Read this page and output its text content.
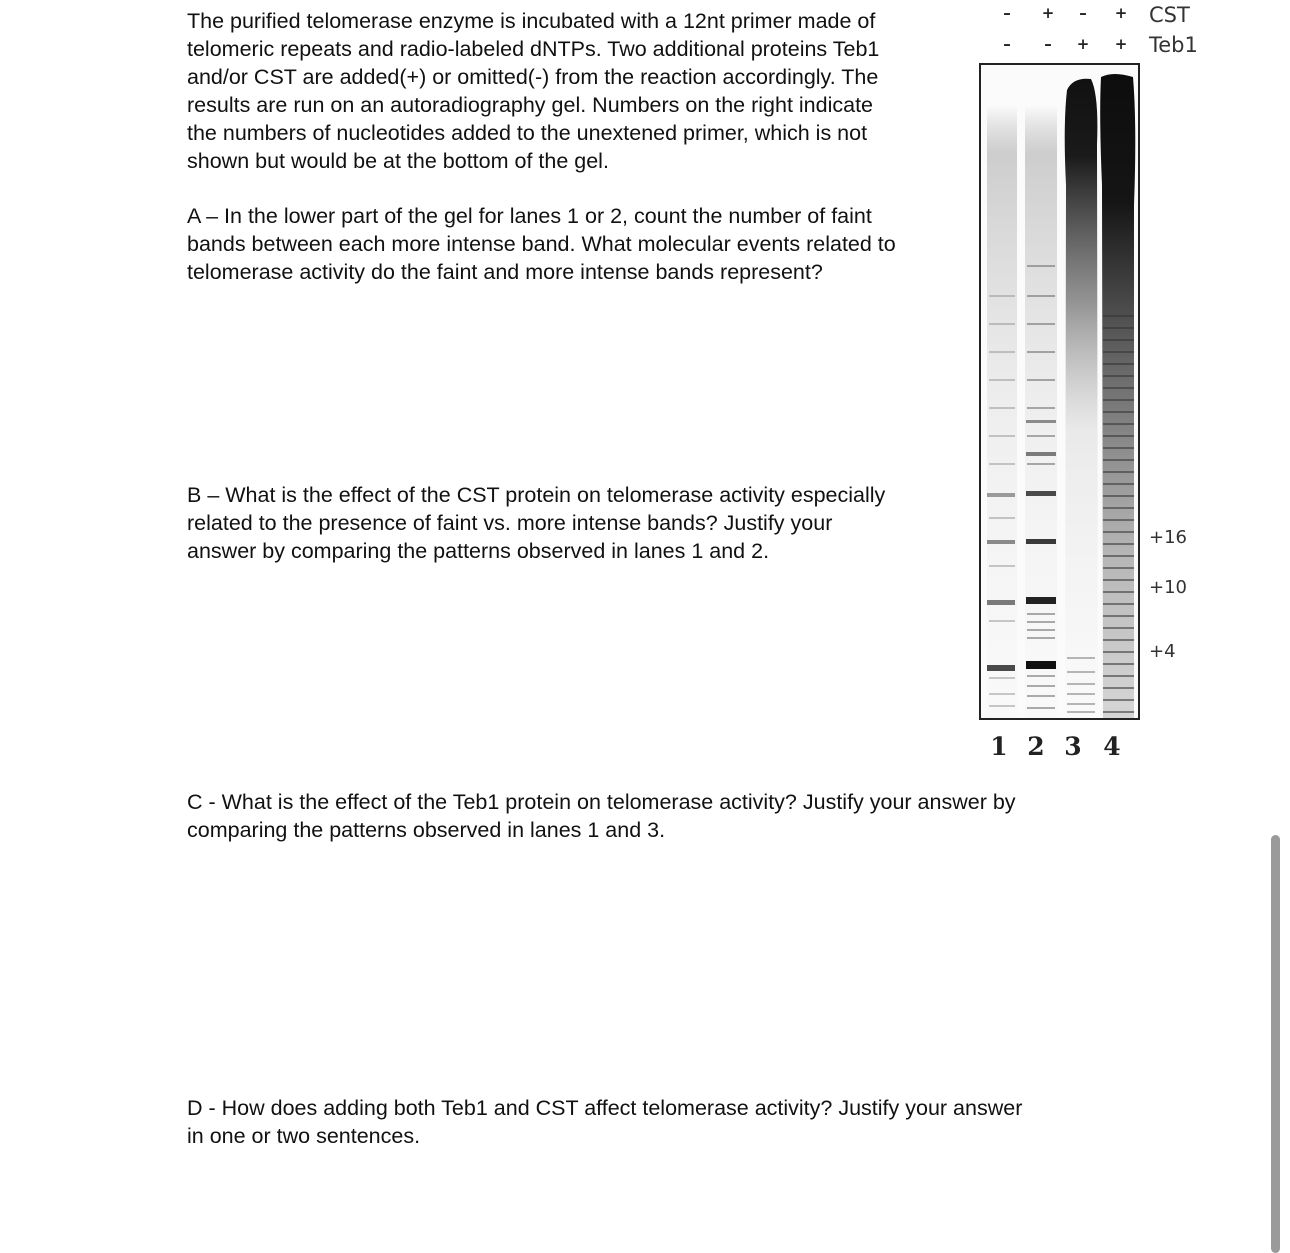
The purified telomerase enzyme is incubated with a 12nt primer made of
telomeric repeats and radio-labeled dNTPs. Two additional proteins Teb1
and/or CST are added(+) or omitted(-) from the reaction accordingly. The
results are run on an autoradiography gel. Numbers on the right indicate
the numbers of nucleotides added to the unextened primer, which is not
shown but would be at the bottom of the gel.

A – In the lower part of the gel for lanes 1 or 2, count the number of faint
bands between each more intense band. What molecular events related to
telomerase activity do the faint and more intense bands represent?

B – What is the effect of the CST protein on telomerase activity especially
related to the presence of faint vs. more intense bands? Justify your
answer by comparing the patterns observed in lanes 1 and 2.

C - What is the effect of the Teb1 protein on telomerase activity? Justify your answer by
comparing the patterns observed in lanes 1 and 3.

D - How does adding both Teb1 and CST affect telomerase activity? Justify your answer
in one or two sentences.

–	+	–	+ CST
–	–	+ + Teb1
+16
+10
+4
1 2 3 4
